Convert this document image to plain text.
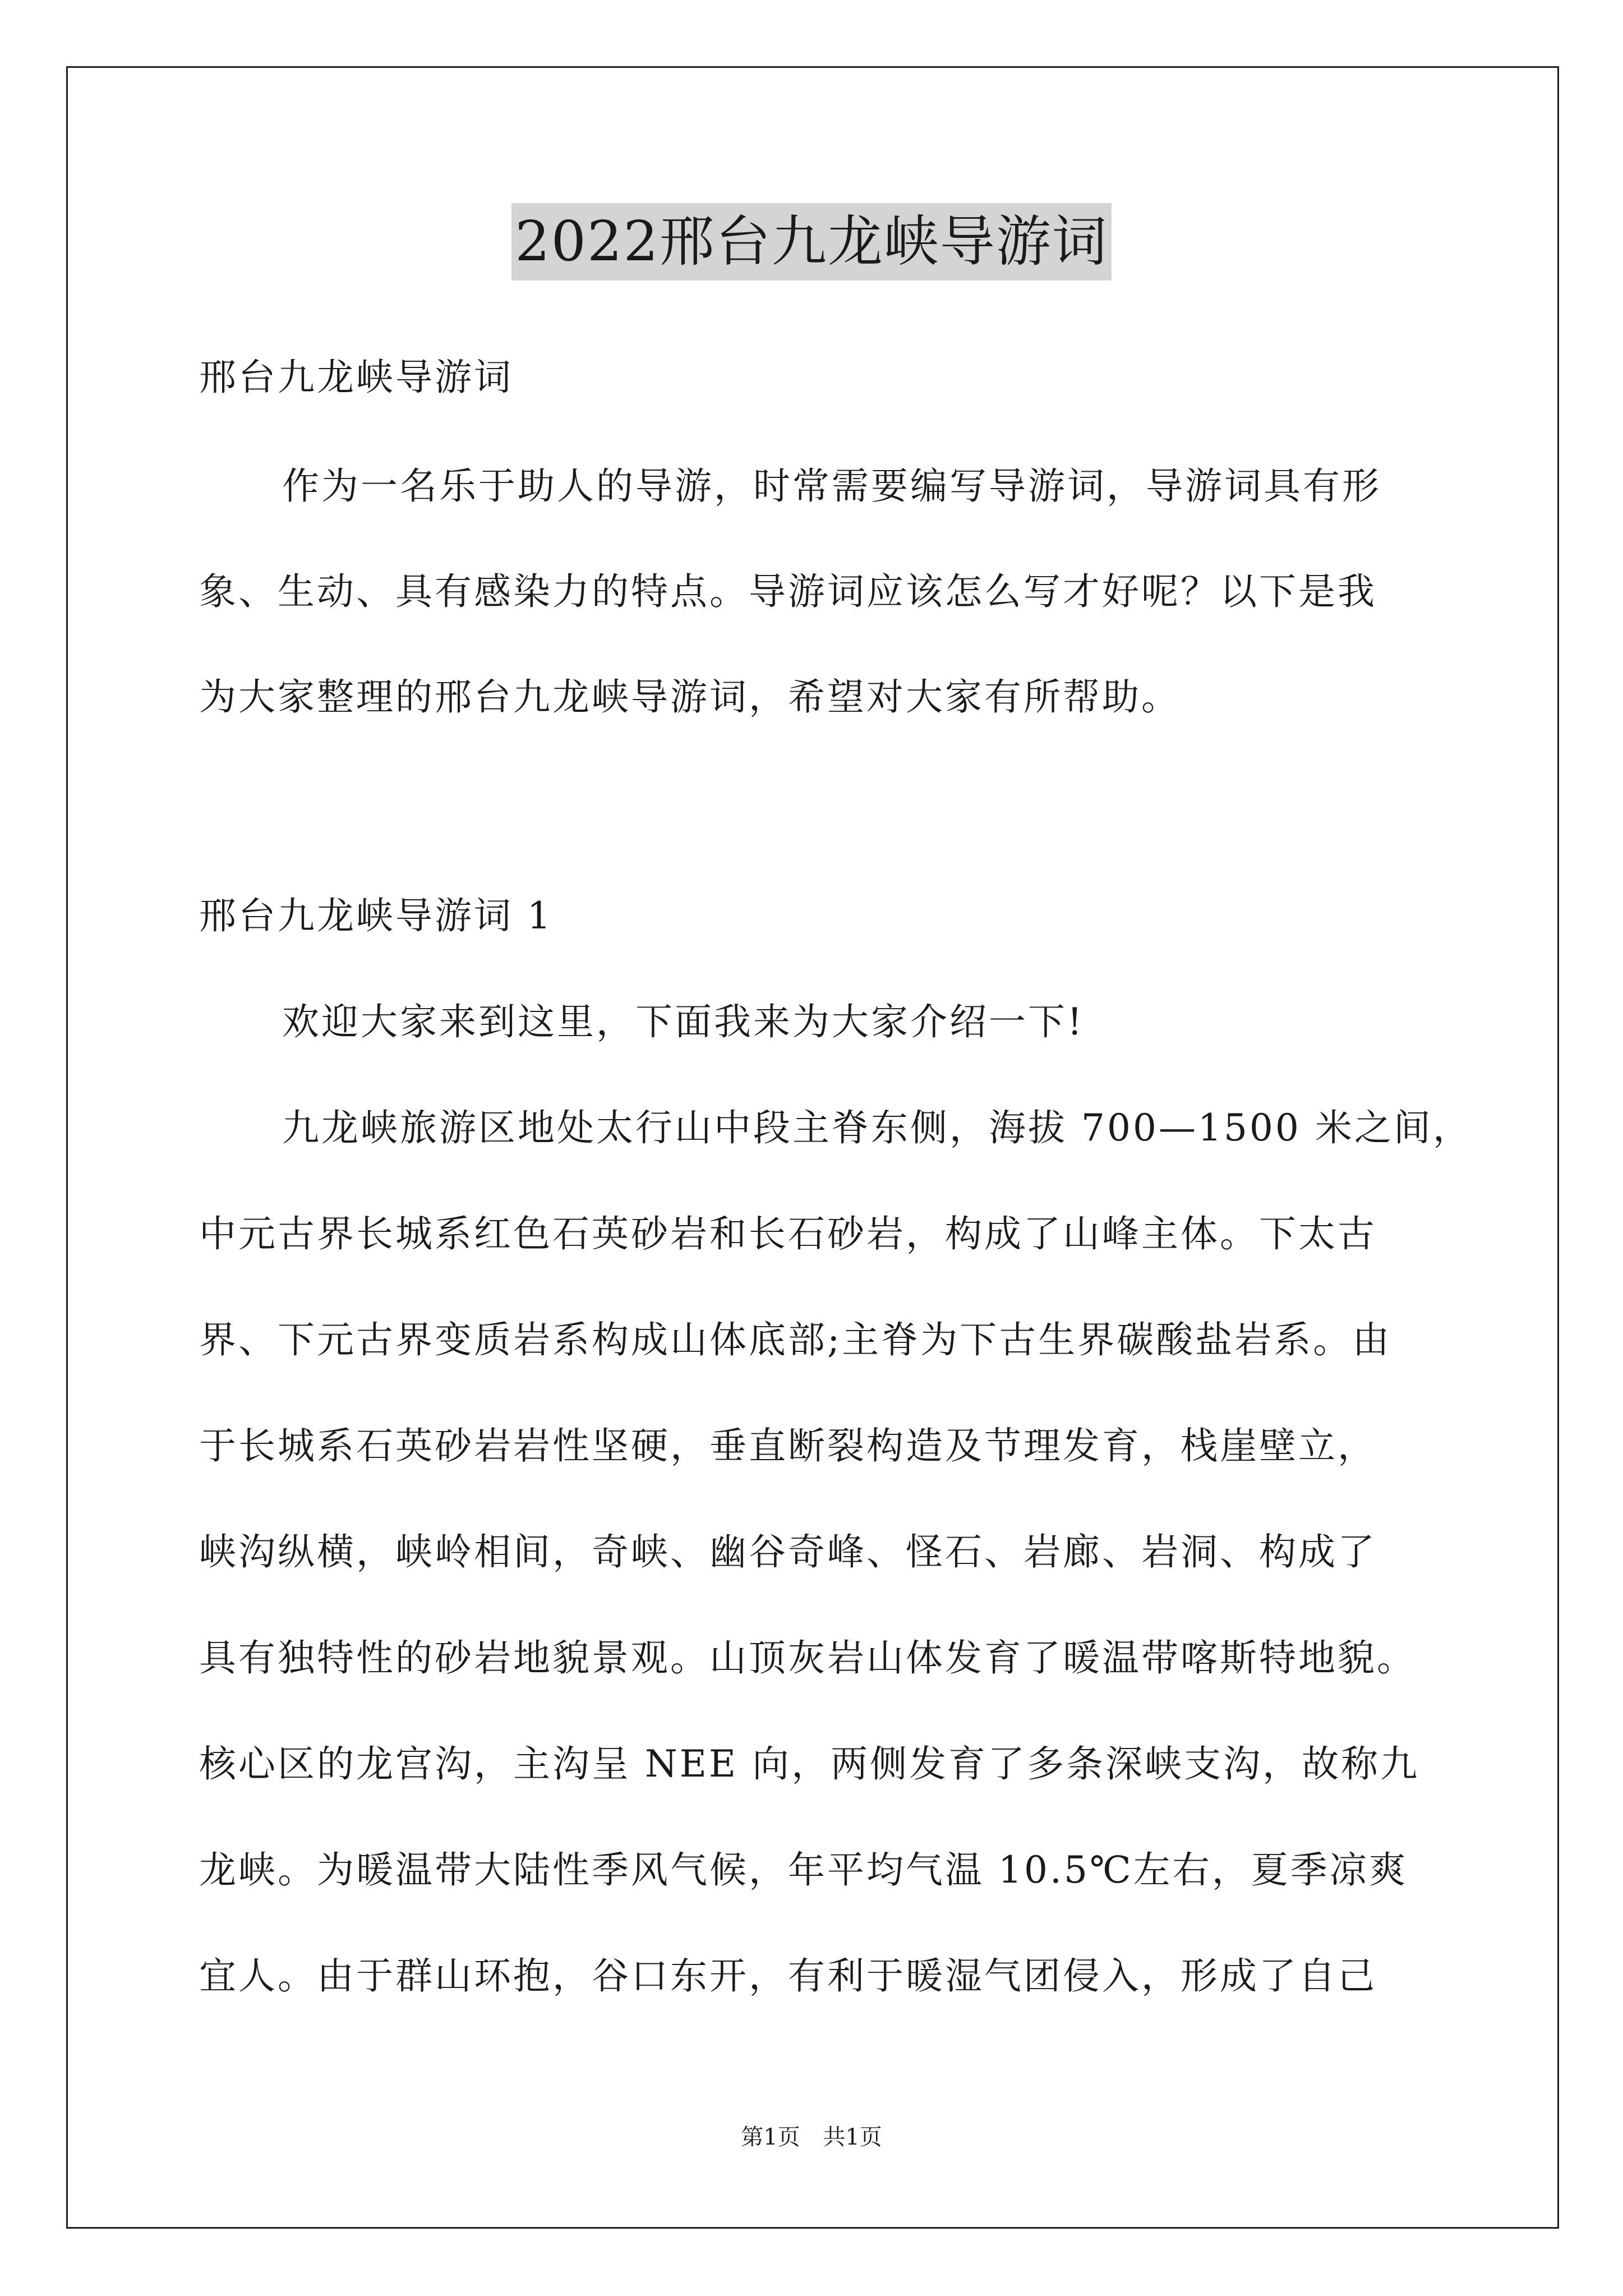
2022邢台九龙峡导游词
邢台九龙峡导游词
作为一名乐于助人的导游，时常需要编写导游词，导游词具有形
象、生动、具有感染力的特点。导游词应该怎么写才好呢？以下是我
为大家整理的邢台九龙峡导游词，希望对大家有所帮助。
邢台九龙峡导游词 1
欢迎大家来到这里，下面我来为大家介绍一下!
九龙峡旅游区地处太行山中段主脊东侧，海拔 700—1500 米之间，
中元古界长城系红色石英砂岩和长石砂岩，构成了山峰主体。下太古
界、下元古界变质岩系构成山体底部;主脊为下古生界碳酸盐岩系。由
于长城系石英砂岩岩性坚硬，垂直断裂构造及节理发育，栈崖壁立，
峡沟纵横，峡岭相间，奇峡、幽谷奇峰、怪石、岩廊、岩洞、构成了
具有独特性的砂岩地貌景观。山顶灰岩山体发育了暖温带喀斯特地貌。
核心区的龙宫沟，主沟呈 NEE 向，两侧发育了多条深峡支沟，故称九
龙峡。为暖温带大陆性季风气候，年平均气温 10.5℃左右，夏季凉爽
宜人。由于群山环抱，谷口东开，有利于暖湿气团侵入，形成了自己
第1页 共1页
